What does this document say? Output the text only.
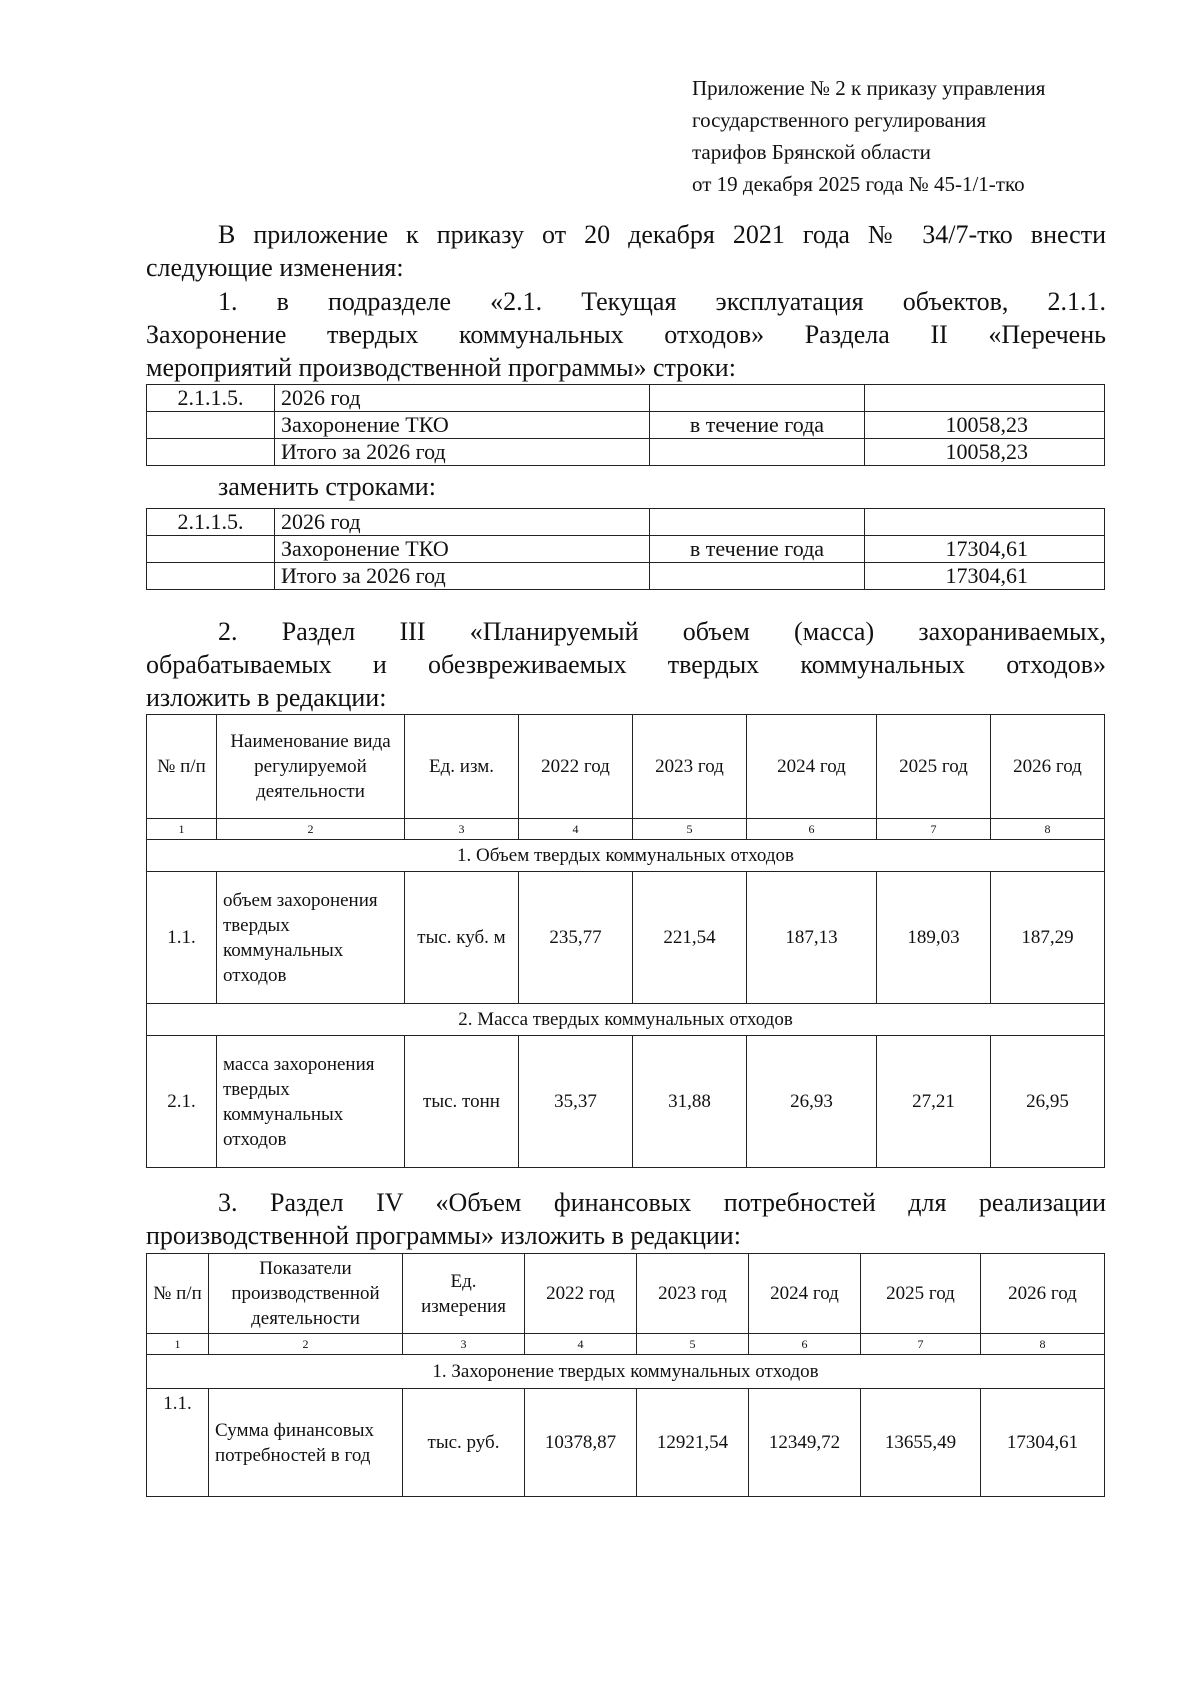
Приложение № 2 к приказу управления
государственного регулирования
тарифов Брянской области
от 19 декабря 2025 года № 45-1/1-тко
В приложение к приказу от 20 декабря 2021 года № 34/7-тко внести
следующие изменения:
1. в подразделе «2.1. Текущая эксплуатация объектов, 2.1.1.
Захоронение твердых коммунальных отходов» Раздела II «Перечень
мероприятий производственной программы» строки:
2.1.1.5.	2026 год		
	Захоронение ТКО	в течение года	10058,23
	Итого за 2026 год		10058,23
заменить строками:
2.1.1.5.	2026 год		
	Захоронение ТКО	в течение года	17304,61
	Итого за 2026 год		17304,61
2. Раздел III «Планируемый объем (масса) захораниваемых,
обрабатываемых и обезвреживаемых твердых коммунальных отходов»
изложить в редакции:
№ п/п	Наименование вида регулируемой деятельности	Ед. изм.	2022 год	2023 год	2024 год	2025 год	2026 год
1	2	3	4	5	6	7	8
1. Объем твердых коммунальных отходов							
1.1.	объем захоронения твердых коммунальных отходов	тыс. куб. м	235,77	221,54	187,13	189,03	187,29
2. Масса твердых коммунальных отходов							
2.1.	масса захоронения твердых коммунальных отходов	тыс. тонн	35,37	31,88	26,93	27,21	26,95
3. Раздел IV «Объем финансовых потребностей для реализации
производственной программы» изложить в редакции:
№ п/п	Показатели производственной деятельности	Ед. измерения	2022 год	2023 год	2024 год	2025 год	2026 год
1	2	3	4	5	6	7	8
1. Захоронение твердых коммунальных отходов							
1.1.	Сумма финансовых потребностей в год	тыс. руб.	10378,87	12921,54	12349,72	13655,49	17304,61
